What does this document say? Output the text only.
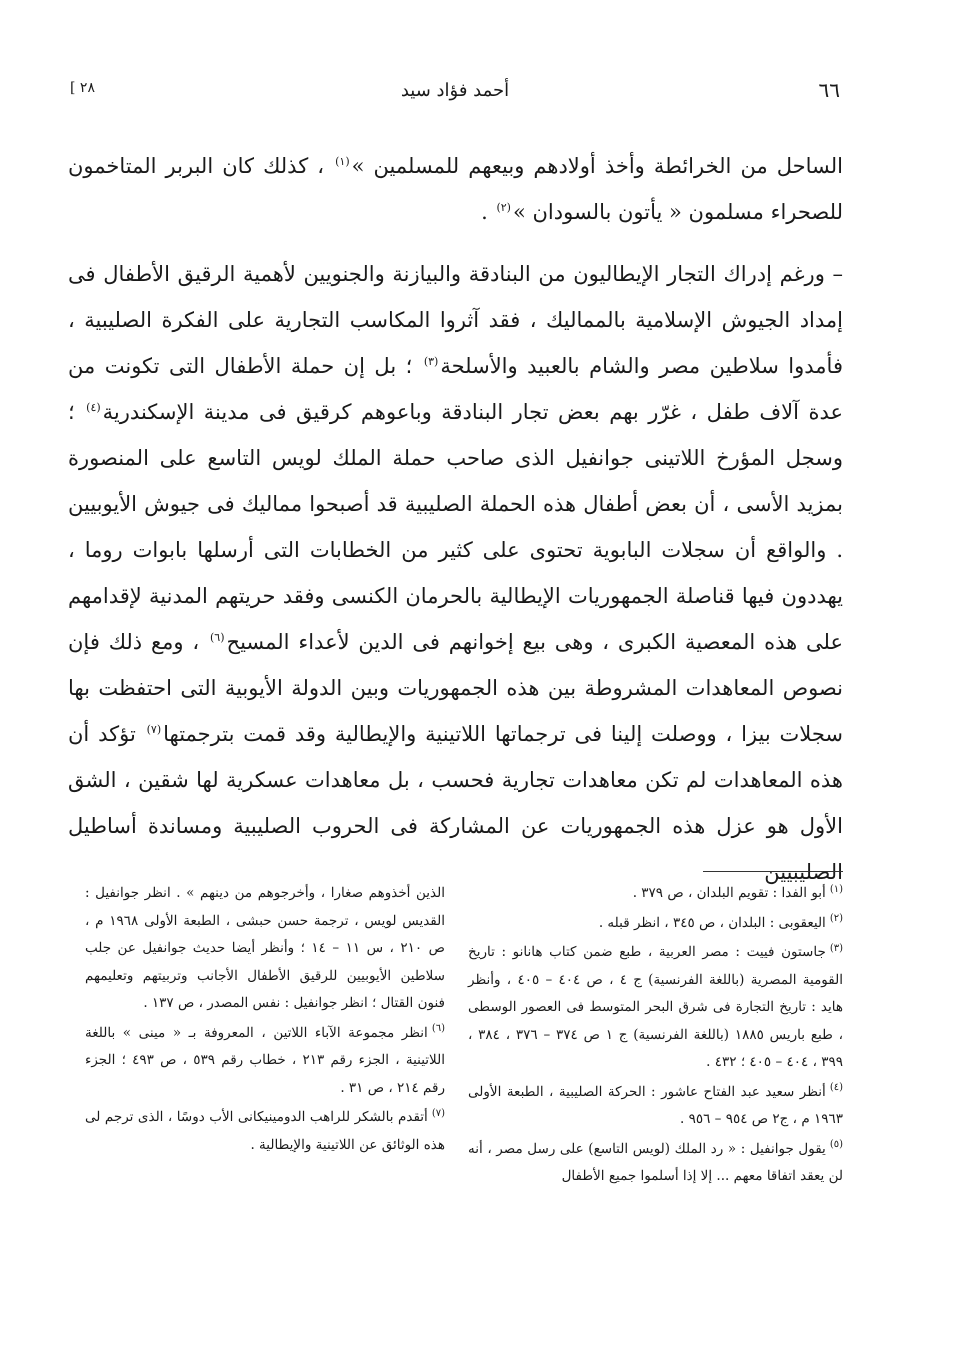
٦٦
أحمد فؤاد سيد
[ ٢٨

الساحل من الخرائطة وأخذ أولادهم وبيعهم للمسلمين »$^{(١)}$ ، كذلك كان البربر المتاخمون للصحراء مسلمون « يأتون بالسودان »$^{(٢)}$ .

– ورغم إدراك التجار الإيطاليون من البنادقة والبيازنة والجنويين لأهمية الرقيق الأطفال فى إمداد الجيوش الإسلامية بالمماليك ، فقد آثروا المكاسب التجارية على الفكرة الصليبية ، فأمدوا سلاطين مصر والشام بالعبيد والأسلحة$^{(٣)}$ ؛ بل إن حملة الأطفال التى تكونت من عدة آلاف طفل ، غرّر بهم بعض تجار البنادقة وباعوهم كرقيق فى مدينة الإسكندرية$^{(٤)}$ ؛ وسجل المؤرخ اللاتينى جوانفيل الذى صاحب حملة الملك لويس التاسع على المنصورة بمزيد الأسى ، أن بعض أطفال هذه الحملة الصليبية قد أصبحوا مماليك فى جيوش الأيوبيين . والواقع أن سجلات البابوية تحتوى على كثير من الخطابات التى أرسلها بابوات روما ، يهددون فيها قناصلة الجمهوريات الإيطالية بالحرمان الكنسى وفقد حريتهم المدنية لإقدامهم على هذه المعصية الكبرى ، وهى بيع إخوانهم فى الدين لأعداء المسيح$^{(٦)}$ ، ومع ذلك فإن نصوص المعاهدات المشروطة بين هذه الجمهوريات وبين الدولة الأيوبية التى احتفظت بها سجلات بيزا ، ووصلت إلينا فى ترجماتها اللاتينية والإيطالية وقد قمت بترجمتها$^{(٧)}$ تؤكد أن هذه المعاهدات لم تكن معاهدات تجارية فحسب ، بل معاهدات عسكرية لها شقين ، الشق الأول هو عزل هذه الجمهوريات عن المشاركة فى الحروب الصليبية ومساندة أساطيل الصليبيين

$^{(١)}$أبو الفدا : تقويم البلدان ، ص ٣٧٩ .
$^{(٢)}$اليعقوبى : البلدان ، ص ٣٤٥ ، انظر قبله .
$^{(٣)}$جاستون فييت : مصر العربية ، طبع ضمن كتاب هانانو : تاريخ القومية المصرية (باللغة الفرنسية) ج ٤ ، ص ٤٠٤ – ٤٠٥ ، وأنظر هايد : تاريخ التجارة فى شرق البحر المتوسط فى العصور الوسطى ، طبع باريس ١٨٨٥ (باللغة الفرنسية) ج ١ ص ٣٧٤ – ٣٧٦ ، ٣٨٤ ، ٣٩٩ ، ٤٠٤ – ٤٠٥ ؛ ٤٣٢ .
$^{(٤)}$أنظر سعيد عبد الفتاح عاشور : الحركة الصليبية ، الطبعة الأولى ١٩٦٣ م ، ج٢ ص ٩٥٤ – ٩٥٦ .
$^{(٥)}$يقول جوانفيل : « رد الملك (لويس التاسع) على رسل مصر ، أنه لن يعقد اتفاقا معهم ... إلا إذا أسلموا جميع الأطفال
الذين أخذوهم صغارا ، وأخرجوهم من دينهم » . انظر جوانفيل : القديس لويس ، ترجمة حسن حبشى ، الطبعة الأولى ١٩٦٨ م ، ص ٢١٠ ، س ١١ – ١٤ ؛ وأنظر أيضا حديث جوانفيل عن جلب سلاطين الأيوبيين للرقيق الأطفال الأجانب وتربيتهم وتعليمهم فنون القتال ؛ انظر جوانفيل : نفس المصدر ، ص ١٣٧ .
$^{(٦)}$انظر مجموعة الآباء اللاتين ، المعروفة بـ « مينى » باللغة اللاتينية ، الجزء رقم ٢١٣ ، خطاب رقم ٥٣٩ ، ص ٤٩٣ ؛ الجزء رقم ٢١٤ ، ص ٣١ .
$^{(٧)}$أتقدم بالشكر للراهب الدومينيكانى الأب دوسًا ، الذى ترجم لى هذه الوثائق عن اللاتينية والإيطالية .
